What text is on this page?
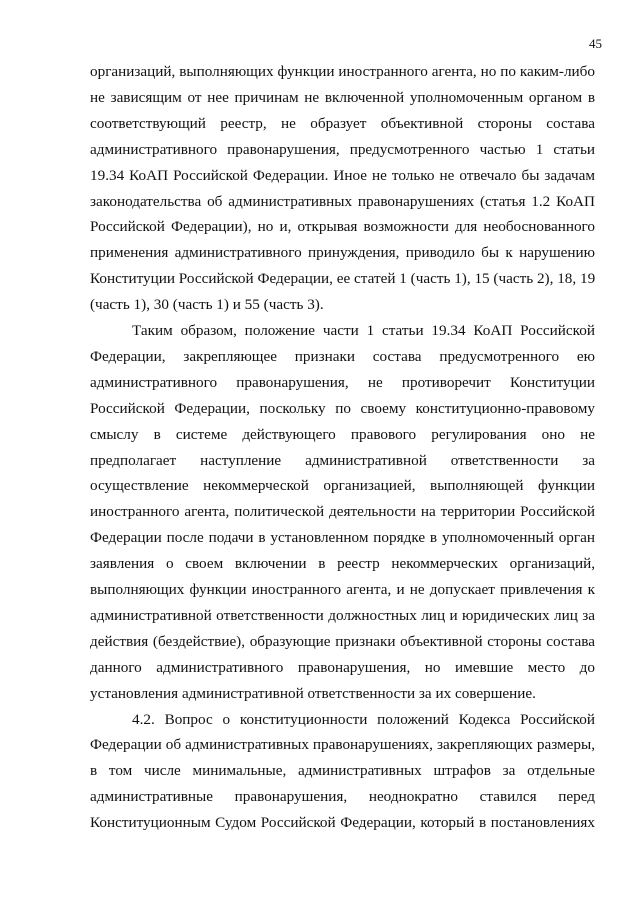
45
организаций, выполняющих функции иностранного агента, но по каким-либо
не зависящим от нее причинам не включенной уполномоченным органом в
соответствующий реестр, не образует объективной стороны состава
административного правонарушения, предусмотренного частью 1 статьи
19.34 КоАП Российской Федерации. Иное не только не отвечало бы задачам
законодательства об административных правонарушениях (статья 1.2 КоАП
Российской Федерации), но и, открывая возможности для необоснованного
применения административного принуждения, приводило бы к нарушению
Конституции Российской Федерации, ее статей 1 (часть 1), 15 (часть 2), 18, 19
(часть 1), 30 (часть 1) и 55 (часть 3).
Таким образом, положение части 1 статьи 19.34 КоАП Российской
Федерации, закрепляющее признаки состава предусмотренного ею
административного правонарушения, не противоречит Конституции
Российской Федерации, поскольку по своему конституционно-правовому
смыслу в системе действующего правового регулирования оно не
предполагает наступление административной ответственности за
осуществление некоммерческой организацией, выполняющей функции
иностранного агента, политической деятельности на территории Российской
Федерации после подачи в установленном порядке в уполномоченный орган
заявления о своем включении в реестр некоммерческих организаций,
выполняющих функции иностранного агента, и не допускает привлечения к
административной ответственности должностных лиц и юридических лиц за
действия (бездействие), образующие признаки объективной стороны состава
данного административного правонарушения, но имевшие место до
установления административной ответственности за их совершение.
4.2. Вопрос о конституционности положений Кодекса Российской
Федерации об административных правонарушениях, закрепляющих размеры,
в том числе минимальные, административных штрафов за отдельные
административные правонарушения, неоднократно ставился перед
Конституционным Судом Российской Федерации, который в постановлениях
